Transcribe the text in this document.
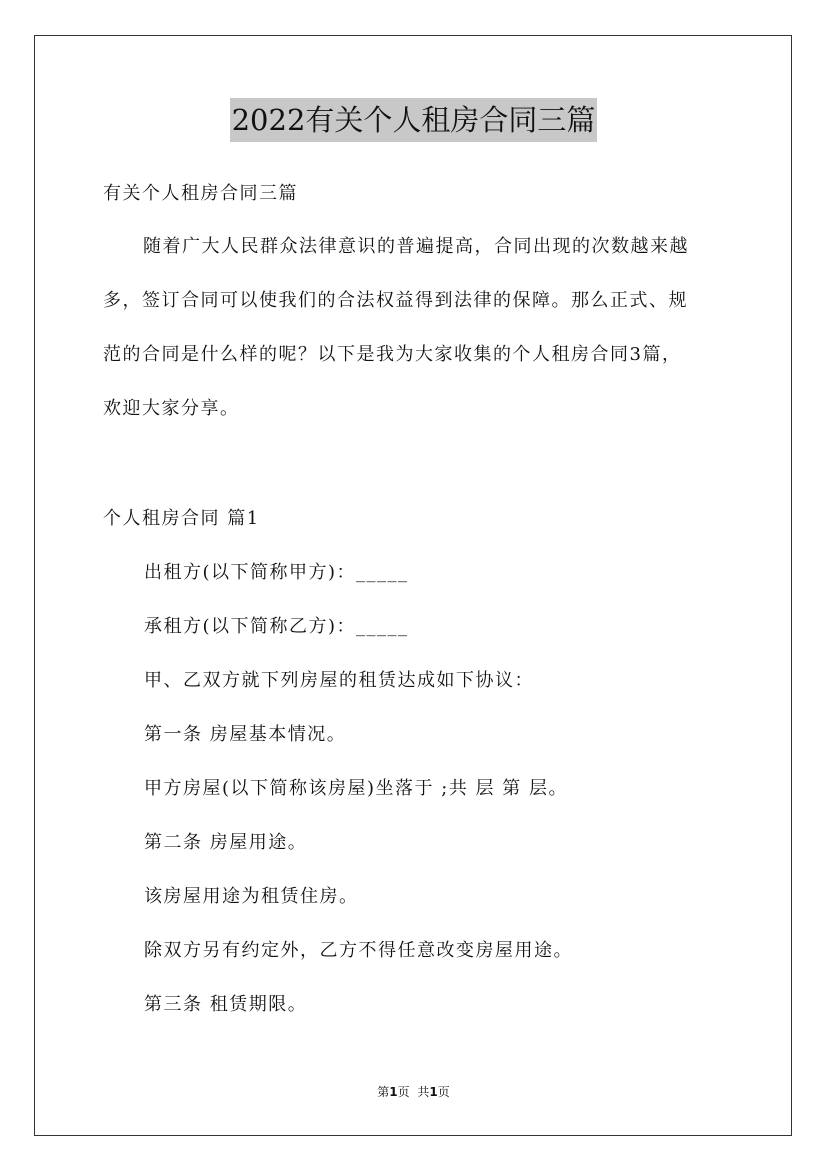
2022有关个人租房合同三篇
有关个人租房合同三篇
随着广大人民群众法律意识的普遍提高，合同出现的次数越来越
多，签订合同可以使我们的合法权益得到法律的保障。那么正式、规
范的合同是什么样的呢？以下是我为大家收集的个人租房合同3篇，
欢迎大家分享。
个人租房合同 篇1
出租方(以下简称甲方)：_____
承租方(以下简称乙方)：_____
甲、乙双方就下列房屋的租赁达成如下协议：
第一条 房屋基本情况。
甲方房屋(以下简称该房屋)坐落于 ;共 层 第 层。
第二条 房屋用途。
该房屋用途为租赁住房。
除双方另有约定外，乙方不得任意改变房屋用途。
第三条 租赁期限。
第1页 共1页
